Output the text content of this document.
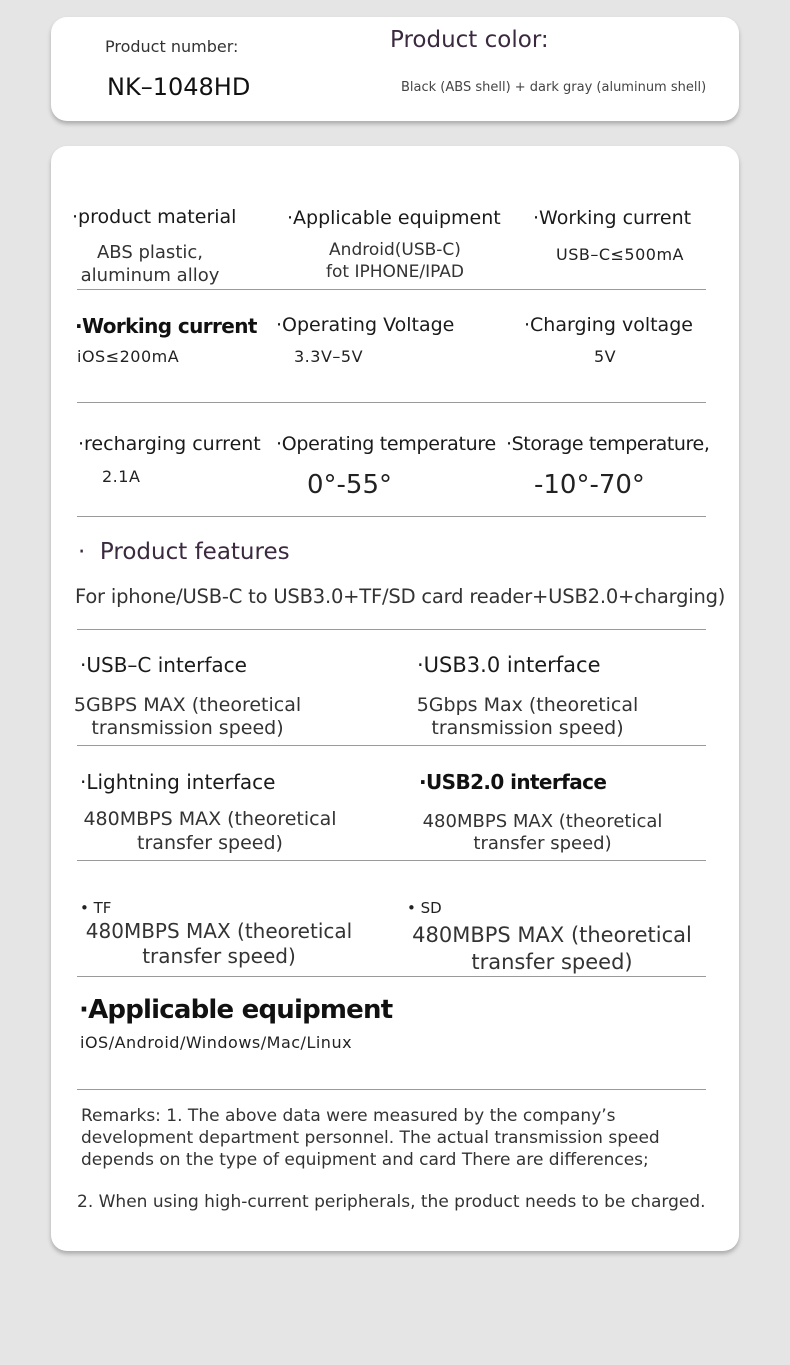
Product number:
NK–1048HD
Product color:
Black (ABS shell) + dark gray (aluminum shell)
·product material
ABS plastic,
aluminum alloy
·Applicable equipment
Android(USB-C)
fot IPHONE/IPAD
·Working current
USB–C≤500mA
·Working current
iOS≤200mA
·Operating Voltage
3.3V–5V
·Charging voltage
5V
·recharging current
2.1A
·Operating temperature
0°-55°
·Storage temperature,
-10°-70°
·  Product features
For iphone/USB-C to USB3.0+TF/SD card reader+USB2.0+charging)
·USB–C interface
5GBPS MAX (theoretical
transmission speed)
·USB3.0 interface
5Gbps Max (theoretical
transmission speed)
·Lightning interface
480MBPS MAX (theoretical
transfer speed)
·USB2.0 interface
480MBPS MAX (theoretical
transfer speed)
• TF
480MBPS MAX (theoretical
transfer speed)
• SD
480MBPS MAX (theoretical
transfer speed)
·Applicable equipment
iOS/Android/Windows/Mac/Linux
Remarks: 1. The above data were measured by the company’s
development department personnel. The actual transmission speed
depends on the type of equipment and card There are differences;
2. When using high-current peripherals, the product needs to be charged.
